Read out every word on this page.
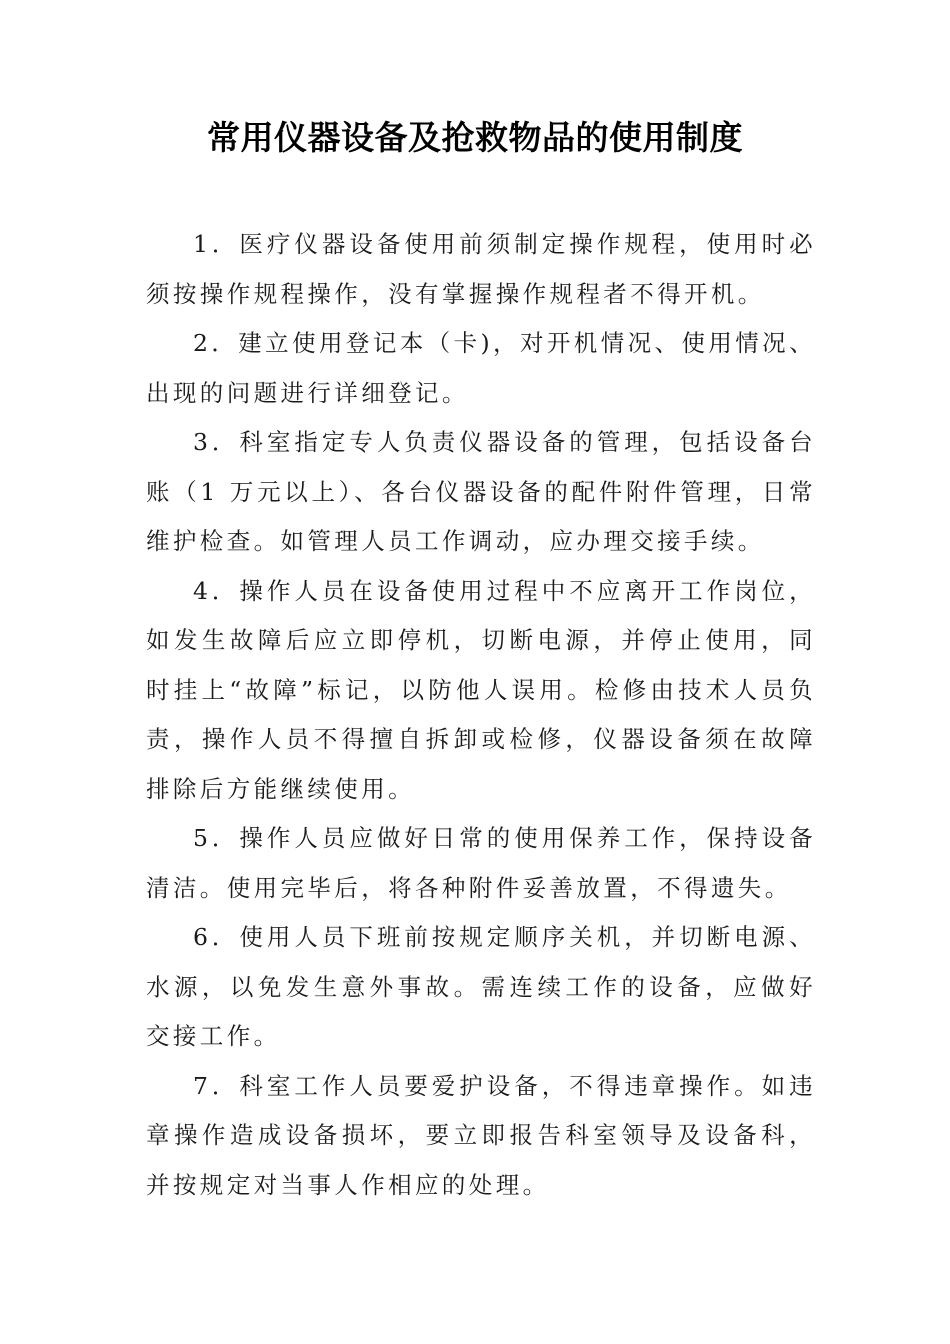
常用仪器设备及抢救物品的使用制度

1．医疗仪器设备使用前须制定操作规程，使用时必须按操作规程操作，没有掌握操作规程者不得开机。

2．建立使用登记本（卡)，对开机情况、使用情况、出现的问题进行详细登记。

3．科室指定专人负责仪器设备的管理，包括设备台账（1 万元以上）、各台仪器设备的配件附件管理，日常维护检查。如管理人员工作调动，应办理交接手续。

4．操作人员在设备使用过程中不应离开工作岗位，如发生故障后应立即停机，切断电源，并停止使用，同时挂上“故障”标记，以防他人误用。检修由技术人员负责，操作人员不得擅自拆卸或检修，仪器设备须在故障排除后方能继续使用。

5．操作人员应做好日常的使用保养工作，保持设备清洁。使用完毕后，将各种附件妥善放置，不得遗失。

6．使用人员下班前按规定顺序关机，并切断电源、水源，以免发生意外事故。需连续工作的设备，应做好交接工作。

7．科室工作人员要爱护设备，不得违章操作。如违章操作造成设备损坏，要立即报告科室领导及设备科，并按规定对当事人作相应的处理。
